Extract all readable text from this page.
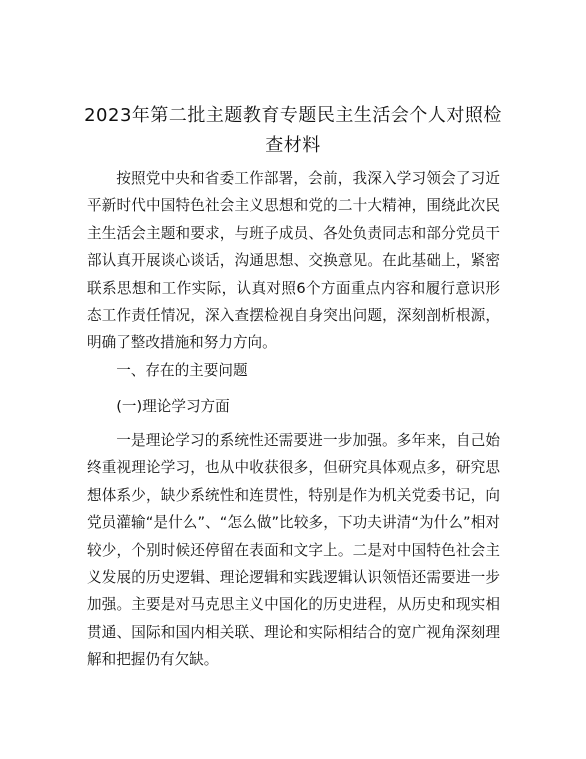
2023年第二批主题教育专题民主生活会个人对照检查材料

按照党中央和省委工作部署，会前，我深入学习领会了习近平新时代中国特色社会主义思想和党的二十大精神，围绕此次民主生活会主题和要求，与班子成员、各处负责同志和部分党员干部认真开展谈心谈话，沟通思想、交换意见。在此基础上，紧密联系思想和工作实际，认真对照6个方面重点内容和履行意识形态工作责任情况，深入查摆检视自身突出问题，深刻剖析根源，明确了整改措施和努力方向。

一、存在的主要问题

(一)理论学习方面

一是理论学习的系统性还需要进一步加强。多年来，自己始终重视理论学习，也从中收获很多，但研究具体观点多，研究思想体系少，缺少系统性和连贯性，特别是作为机关党委书记，向党员灌输“是什么”、“怎么做”比较多，下功夫讲清“为什么”相对较少，个别时候还停留在表面和文字上。二是对中国特色社会主义发展的历史逻辑、理论逻辑和实践逻辑认识领悟还需要进一步加强。主要是对马克思主义中国化的历史进程，从历史和现实相贯通、国际和国内相关联、理论和实际相结合的宽广视角深刻理解和把握仍有欠缺。
